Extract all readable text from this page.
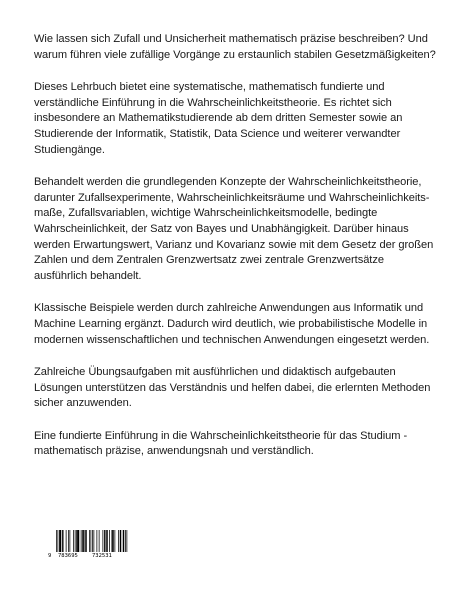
Wie lassen sich Zufall und Unsicherheit mathematisch präzise beschreiben? Und
warum führen viele zufällige Vorgänge zu erstaunlich stabilen Gesetzmäßigkeiten?

Dieses Lehrbuch bietet eine systematische, mathematisch fundierte und
verständliche Einführung in die Wahrscheinlichkeitstheorie. Es richtet sich
insbesondere an Mathematikstudierende ab dem dritten Semester sowie an
Studierende der Informatik, Statistik, Data Science und weiterer verwandter
Studiengänge.

Behandelt werden die grundlegenden Konzepte der Wahrscheinlichkeitstheorie,
darunter Zufallsexperimente, Wahrscheinlichkeitsräume und Wahrscheinlichkeits-
maße, Zufallsvariablen, wichtige Wahrscheinlichkeitsmodelle, bedingte
Wahrscheinlichkeit, der Satz von Bayes und Unabhängigkeit. Darüber hinaus
werden Erwartungswert, Varianz und Kovarianz sowie mit dem Gesetz der großen
Zahlen und dem Zentralen Grenzwertsatz zwei zentrale Grenzwertsätze
ausführlich behandelt.

Klassische Beispiele werden durch zahlreiche Anwendungen aus Informatik und
Machine Learning ergänzt. Dadurch wird deutlich, wie probabilistische Modelle in
modernen wissenschaftlichen und technischen Anwendungen eingesetzt werden.

Zahlreiche Übungsaufgaben mit ausführlichen und didaktisch aufgebauten
Lösungen unterstützen das Verständnis und helfen dabei, die erlernten Methoden
sicher anzuwenden.

Eine fundierte Einführung in die Wahrscheinlichkeitstheorie für das Studium -
mathematisch präzise, anwendungsnah und verständlich.

9 783695	732531
